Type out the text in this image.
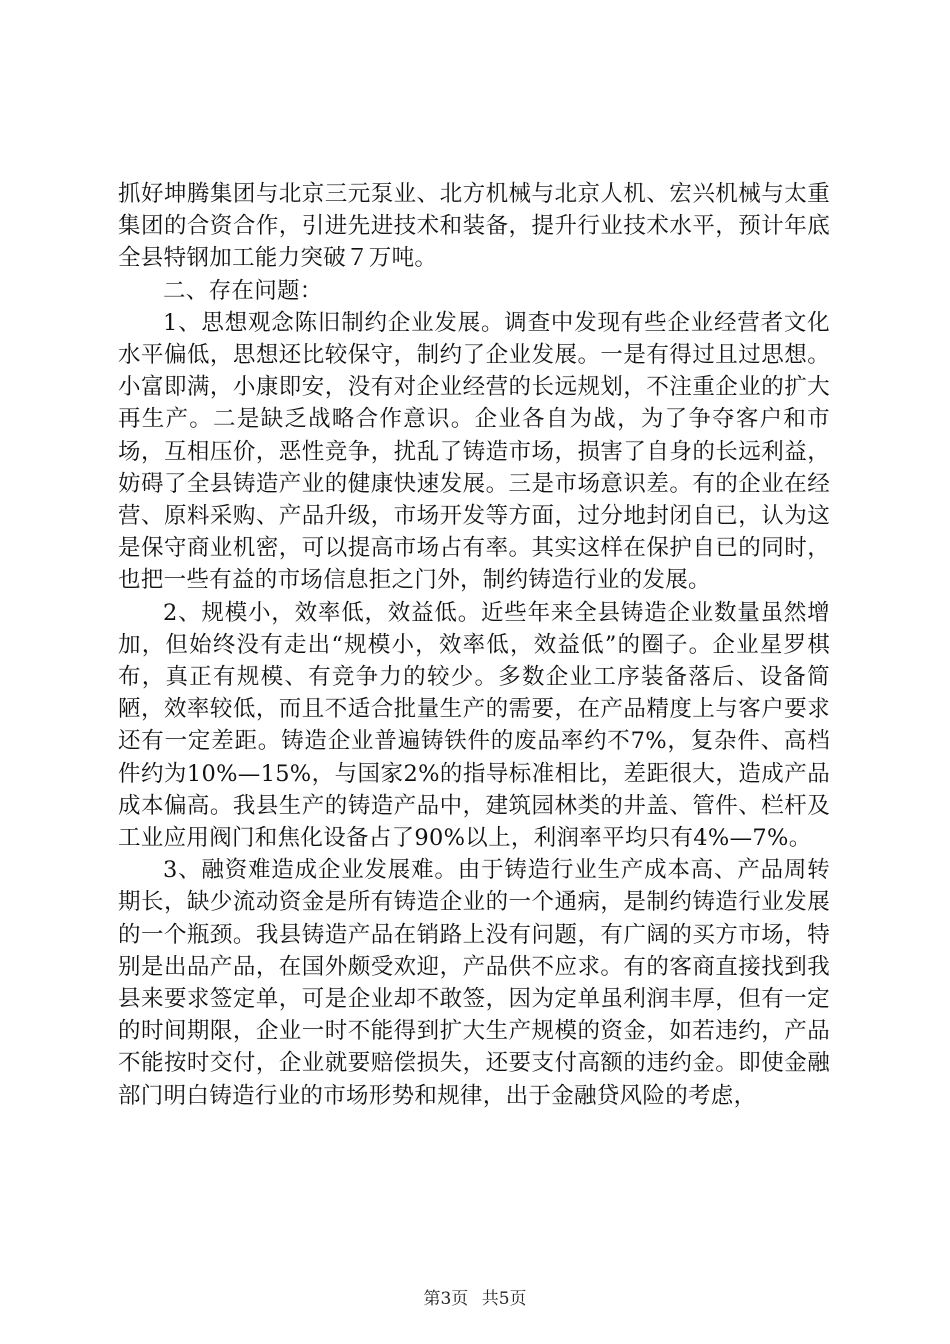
抓好坤腾集团与北京三元泵业、北方机械与北京人机、宏兴机械与太重集团的合资合作，引进先进技术和装备，提升行业技术水平，预计年底全县特钢加工能力突破７万吨。

二、存在问题：

1、思想观念陈旧制约企业发展。调查中发现有些企业经营者文化水平偏低，思想还比较保守，制约了企业发展。一是有得过且过思想。小富即满，小康即安，没有对企业经营的长远规划，不注重企业的扩大再生产。二是缺乏战略合作意识。企业各自为战，为了争夺客户和市场，互相压价，恶性竞争，扰乱了铸造市场，损害了自身的长远利益，妨碍了全县铸造产业的健康快速发展。三是市场意识差。有的企业在经营、原料采购、产品升级，市场开发等方面，过分地封闭自已，认为这是保守商业机密，可以提高市场占有率。其实这样在保护自已的同时，也把一些有益的市场信息拒之门外，制约铸造行业的发展。

2、规模小，效率低，效益低。近些年来全县铸造企业数量虽然增加，但始终没有走出“规模小，效率低，效益低”的圈子。企业星罗棋布，真正有规模、有竞争力的较少。多数企业工序装备落后、设备简陋，效率较低，而且不适合批量生产的需要，在产品精度上与客户要求还有一定差距。铸造企业普遍铸铁件的废品率约不7%，复杂件、高档件约为10%—15%，与国家2%的指导标准相比，差距很大，造成产品成本偏高。我县生产的铸造产品中，建筑园林类的井盖、管件、栏杆及工业应用阀门和焦化设备占了90%以上，利润率平均只有4%—7%。

3、融资难造成企业发展难。由于铸造行业生产成本高、产品周转期长，缺少流动资金是所有铸造企业的一个通病，是制约铸造行业发展的一个瓶颈。我县铸造产品在销路上没有问题，有广阔的买方市场，特别是出品产品，在国外颇受欢迎，产品供不应求。有的客商直接找到我县来要求签定单，可是企业却不敢签，因为定单虽利润丰厚，但有一定的时间期限，企业一时不能得到扩大生产规模的资金，如若违约，产品不能按时交付，企业就要赔偿损失，还要支付高额的违约金。即使金融部门明白铸造行业的市场形势和规律，出于金融贷风险的考虑，

第3页 共5页
